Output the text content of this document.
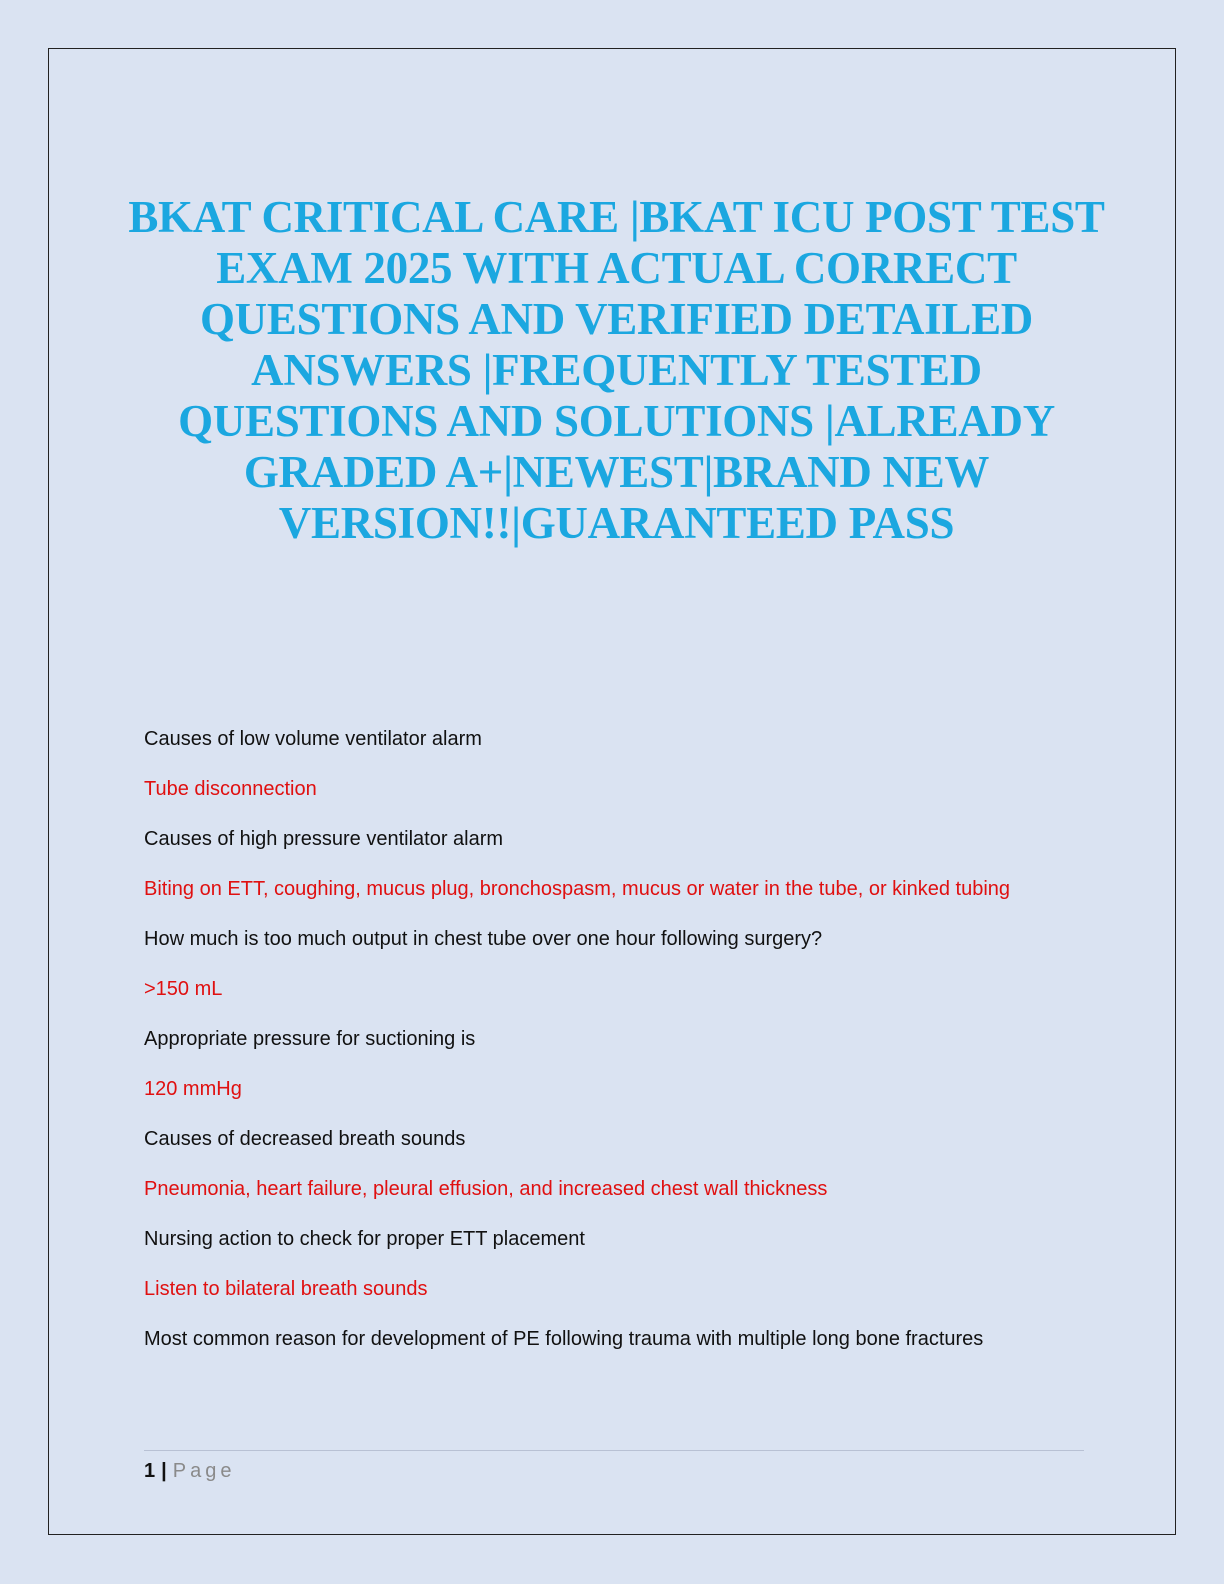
BKAT CRITICAL CARE |BKAT ICU POST TEST
EXAM 2025 WITH ACTUAL CORRECT
QUESTIONS AND VERIFIED DETAILED
ANSWERS |FREQUENTLY TESTED
QUESTIONS AND SOLUTIONS |ALREADY
GRADED A+|NEWEST|BRAND NEW
VERSION!!|GUARANTEED PASS

Causes of low volume ventilator alarm

Tube disconnection

Causes of high pressure ventilator alarm

Biting on ETT, coughing, mucus plug, bronchospasm, mucus or water in the tube, or kinked tubing

How much is too much output in chest tube over one hour following surgery?

>150 mL

Appropriate pressure for suctioning is

120 mmHg

Causes of decreased breath sounds

Pneumonia, heart failure, pleural effusion, and increased chest wall thickness

Nursing action to check for proper ETT placement

Listen to bilateral breath sounds

Most common reason for development of PE following trauma with multiple long bone fractures

1 | Page
